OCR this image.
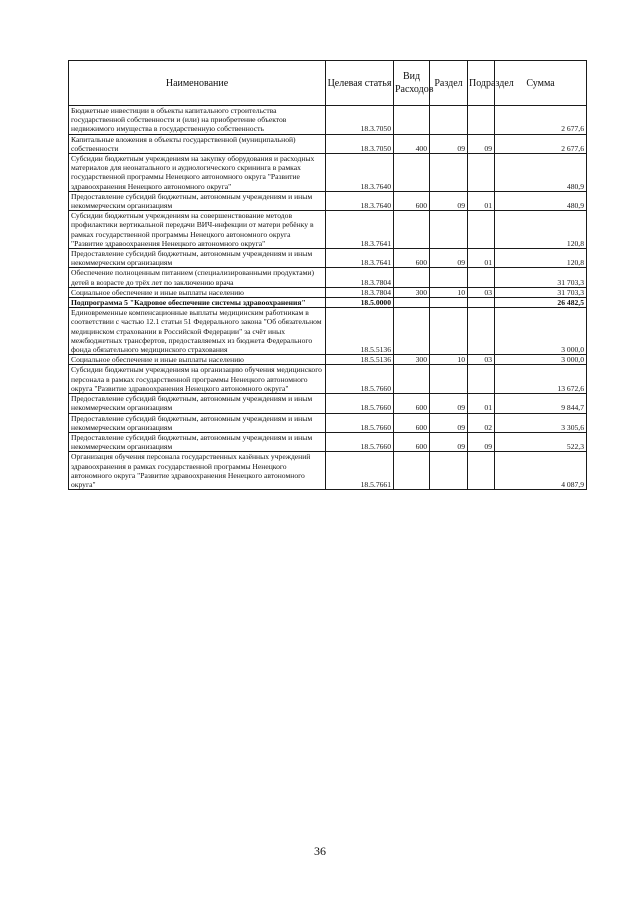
Наименование	Целевая статья	Вид Расходов	Раздел	Подраздел	Сумма
Бюджетные инвестиции в объекты капитального строительства государственной собственности и (или) на приобретение объектов недвижимого имущества в государственную собственность	18.3.7050				2 677,6
Капитальные вложения в объекты государственной (муниципальной) собственности	18.3.7050	400	09	09	2 677,6
Субсидии бюджетным учреждениям на закупку оборудования и расходных материалов для неонатального и аудиологического скрининга в рамках государственной программы Ненецкого автономного округа "Развитие здравоохранения Ненецкого автономного округа"	18.3.7640				480,9
Предоставление субсидий бюджетным, автономным учреждениям и иным некоммерческим организациям	18.3.7640	600	09	01	480,9
Субсидии бюджетным учреждениям на совершенствование методов профилактики вертикальной передачи ВИЧ-инфекции от матери ребёнку в рамках государственной программы Ненецкого автономного округа "Развитие здравоохранения Ненецкого автономного округа"	18.3.7641				120,8
Предоставление субсидий бюджетным, автономным учреждениям и иным некоммерческим организациям	18.3.7641	600	09	01	120,8
Обеспечение полноценным питанием (специализированными продуктами) детей в возрасте до трёх лет по заключению врача	18.3.7804				31 703,3
Социальное обеспечение и иные выплаты населению	18.3.7804	300	10	03	31 703,3
Подпрограмма 5 "Кадровое обеспечение системы здравоохранения"	18.5.0000				26 482,5
Единовременные компенсационные выплаты медицинским работникам в соответствии с частью 12.1 статьи 51 Федерального закона "Об обязательном медицинском страховании в Российской Федерации" за счёт иных межбюджетных трансфертов, предоставляемых из бюджета Федерального фонда обязательного медицинского страхования	18.5.5136				3 000,0
Социальное обеспечение и иные выплаты населению	18.5.5136	300	10	03	3 000,0
Субсидии бюджетным учреждениям на организацию обучения медицинского персонала в рамках государственной программы Ненецкого автономного округа "Развитие здравоохранения Ненецкого автономного округа"	18.5.7660				13 672,6
Предоставление субсидий бюджетным, автономным учреждениям и иным некоммерческим организациям	18.5.7660	600	09	01	9 844,7
Предоставление субсидий бюджетным, автономным учреждениям и иным некоммерческим организациям	18.5.7660	600	09	02	3 305,6
Предоставление субсидий бюджетным, автономным учреждениям и иным некоммерческим организациям	18.5.7660	600	09	09	522,3
Организация обучения персонала государственных казённых учреждений здравоохранения в рамках государственной программы Ненецкого автономного округа "Развитие здравоохранения Ненецкого автономного округа"	18.5.7661				4 087,9
36
